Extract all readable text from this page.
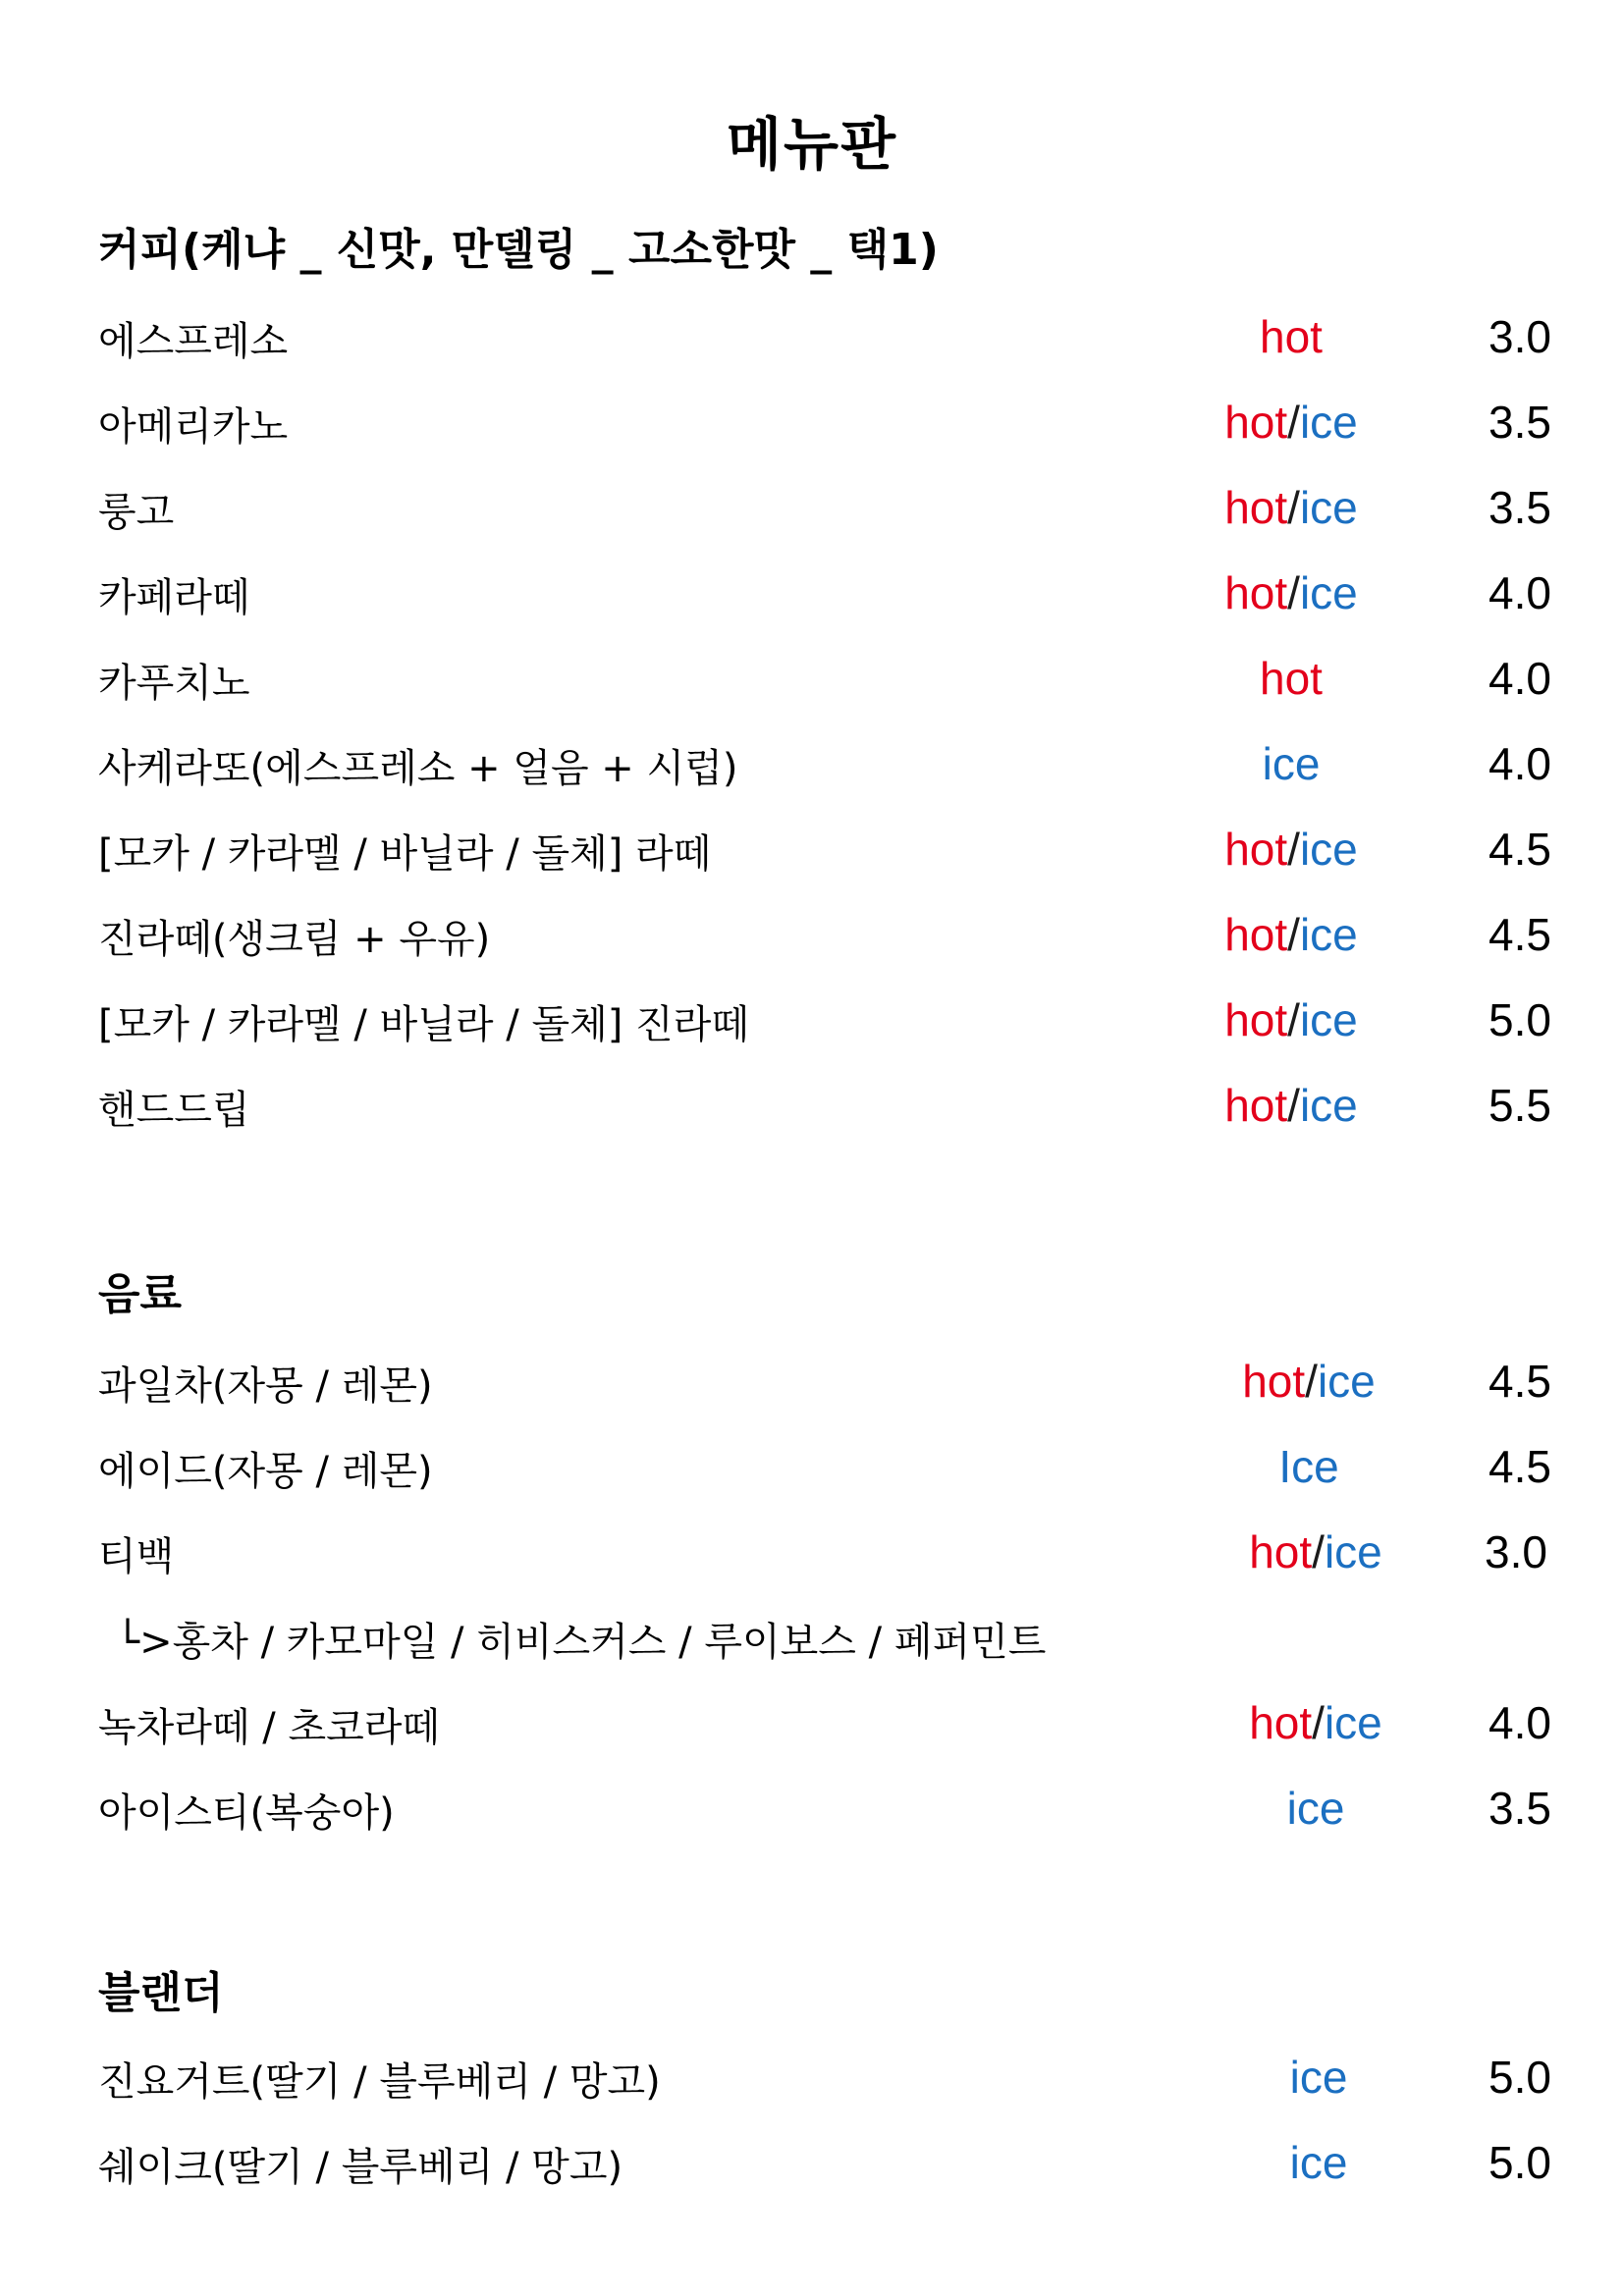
메뉴판
커피(케냐 _ 신맛, 만델링 _ 고소한맛 _ 택1)
에스프레소	hot	3.0
아메리카노	hot/ice	3.5
룽고	hot/ice	3.5
카페라떼	hot/ice	4.0
카푸치노	hot	4.0
사케라또(에스프레소 + 얼음 + 시럽)	ice	4.0
[모카 / 카라멜 / 바닐라 / 돌체] 라떼	hot/ice	4.5
진라떼(생크림 + 우유)	hot/ice	4.5
[모카 / 카라멜 / 바닐라 / 돌체] 진라떼	hot/ice	5.0
핸드드립	hot/ice	5.5
음료
과일차(자몽 / 레몬)	hot/ice	4.5
에이드(자몽 / 레몬)	Ice	4.5
티백	hot/ice	3.0
└>홍차 / 카모마일 / 히비스커스 / 루이보스 / 페퍼민트
녹차라떼 / 초코라떼	hot/ice	4.0
아이스티(복숭아)	ice	3.5
블랜더
진요거트(딸기 / 블루베리 / 망고)	ice	5.0
쉐이크(딸기 / 블루베리 / 망고)	ice	5.0
